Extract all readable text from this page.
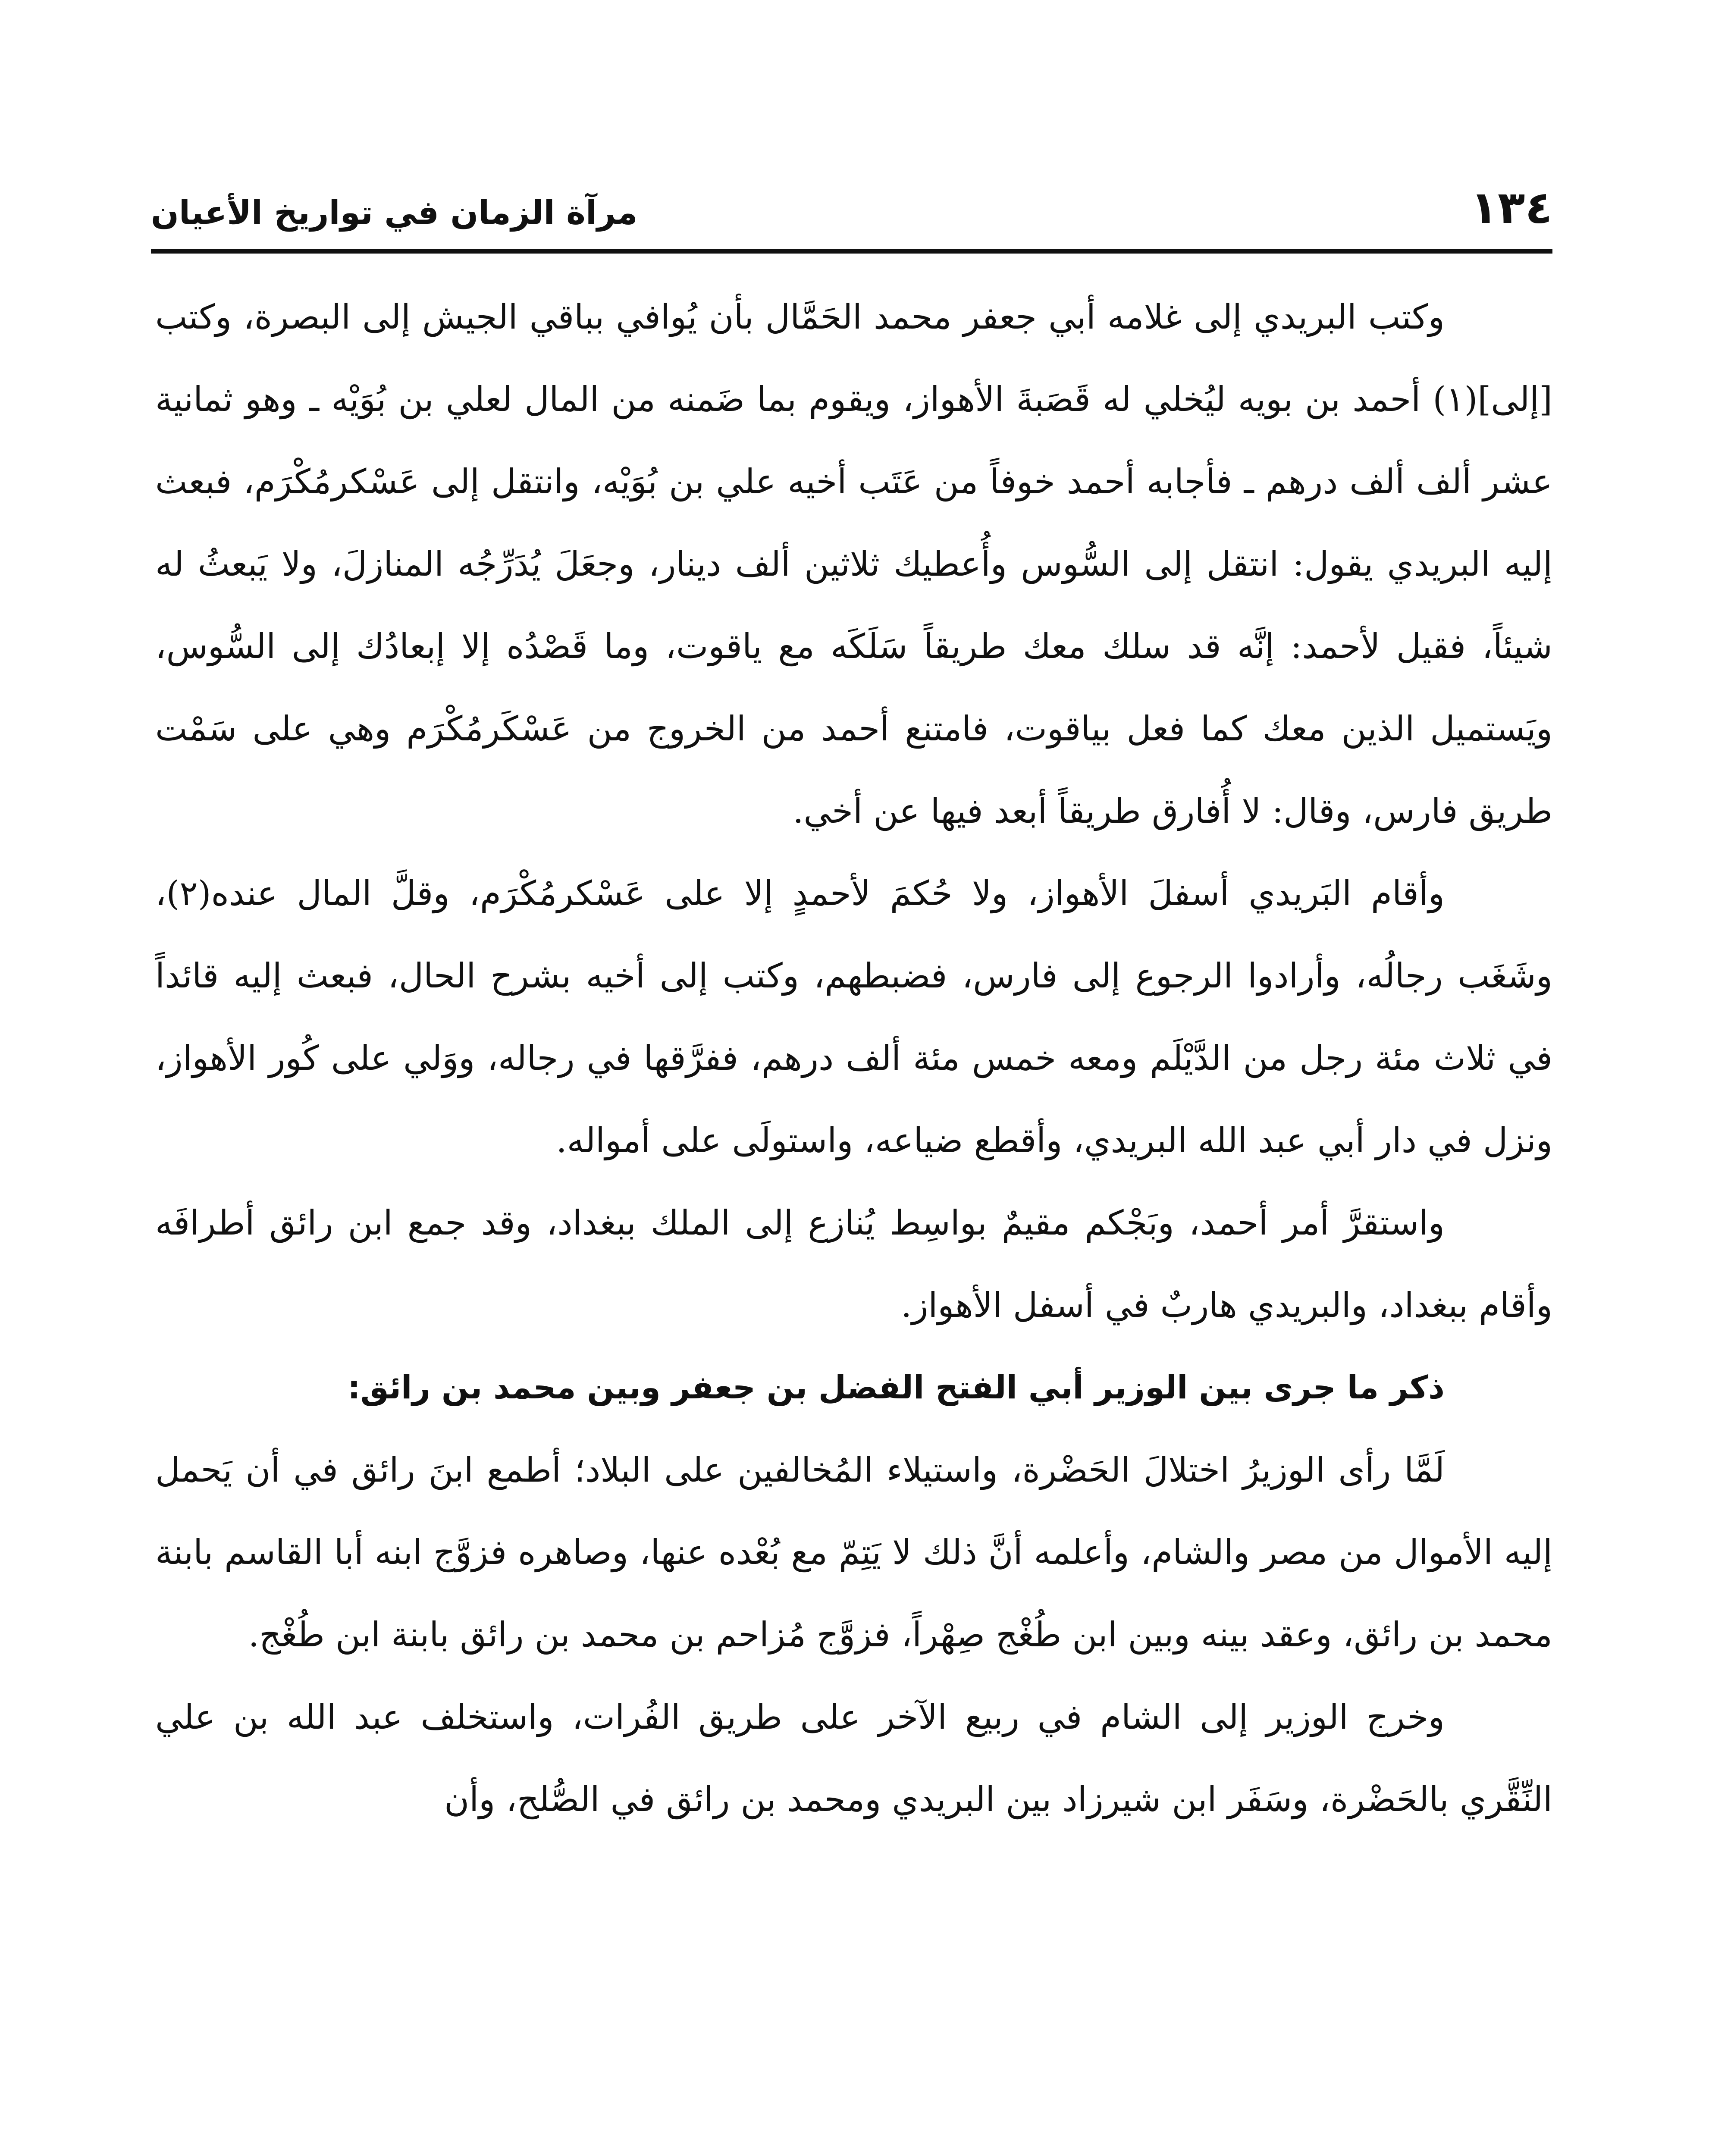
١٣٤
مرآة الزمان في تواريخ الأعيان

وكتب البريدي إلى غلامه أبي جعفر محمد الحَمَّال بأن يُوافي بباقي الجيش إلى البصرة، وكتب [إلى](١) أحمد بن بويه ليُخلي له قَصَبةَ الأهواز، ويقوم بما ضَمنه من المال لعلي بن بُوَيْه ـ وهو ثمانية عشر ألف ألف درهم ـ فأجابه أحمد خوفاً من عَتَب أخيه علي بن بُوَيْه، وانتقل إلى عَسْكرمُكْرَم، فبعث إليه البريدي يقول: انتقل إلى السُّوس وأُعطيك ثلاثين ألف دينار، وجعَلَ يُدَرِّجُه المنازلَ، ولا يَبعثُ له شيئاً، فقيل لأحمد: إنَّه قد سلك معك طريقاً سَلَكَه مع ياقوت، وما قَصْدُه إلا إبعادُك إلى السُّوس، ويَستميل الذين معك كما فعل بياقوت، فامتنع أحمد من الخروج من عَسْكَرمُكْرَم وهي على سَمْت طريق فارس، وقال: لا أُفارق طريقاً أبعد فيها عن أخي.

وأقام البَريدي أسفلَ الأهواز، ولا حُكمَ لأحمدٍ إلا على عَسْكرمُكْرَم، وقلَّ المال عنده(٢)، وشَغَب رجالُه، وأرادوا الرجوع إلى فارس، فضبطهم، وكتب إلى أخيه بشرح الحال، فبعث إليه قائداً في ثلاث مئة رجل من الدَّيْلَم ومعه خمس مئة ألف درهم، ففرَّقها في رجاله، ووَلي على كُور الأهواز، ونزل في دار أبي عبد الله البريدي، وأقطع ضياعه، واستولَى على أمواله.

واستقرَّ أمر أحمد، وبَجْكم مقيمٌ بواسِط يُنازع إلى الملك ببغداد، وقد جمع ابن رائق أطرافَه وأقام ببغداد، والبريدي هاربٌ في أسفل الأهواز.

ذكر ما جرى بين الوزير أبي الفتح الفضل بن جعفر وبين محمد بن رائق:

لَمَّا رأى الوزيرُ اختلالَ الحَضْرة، واستيلاء المُخالفين على البلاد؛ أطمع ابنَ رائق في أن يَحمل إليه الأموال من مصر والشام، وأعلمه أنَّ ذلك لا يَتِمّ مع بُعْده عنها، وصاهره فزوَّج ابنه أبا القاسم بابنة محمد بن رائق، وعقد بينه وبين ابن طُغْج صِهْراً، فزوَّج مُزاحم بن محمد بن رائق بابنة ابن طُغْج.

وخرج الوزير إلى الشام في ربيع الآخر على طريق الفُرات، واستخلف عبد الله بن علي النِّقَّري بالحَضْرة، وسَفَر ابن شيرزاد بين البريدي ومحمد بن رائق في الصُّلح، وأن
